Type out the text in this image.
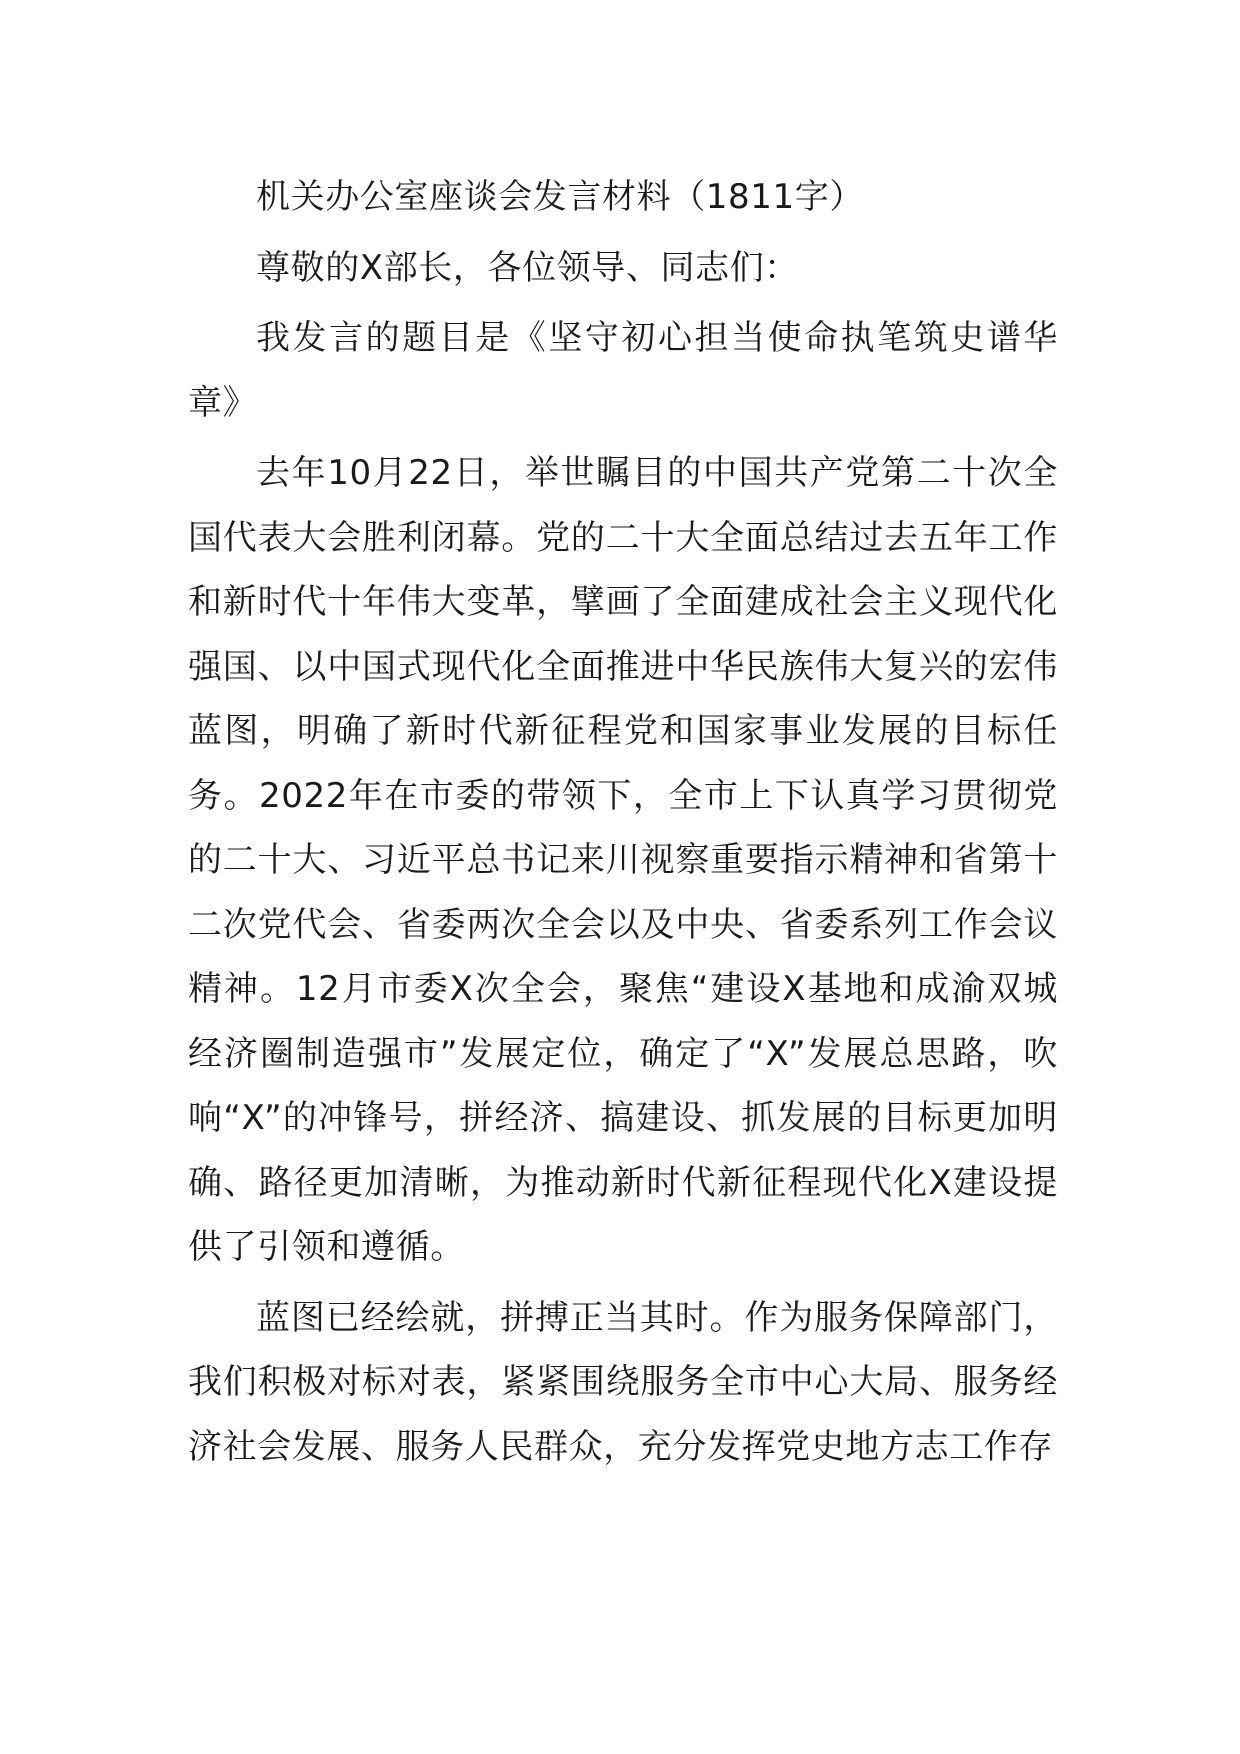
机关办公室座谈会发言材料（1811字）

尊敬的X部长，各位领导、同志们：

我发言的题目是《坚守初心担当使命执笔筑史谱华章》

去年10月22日，举世瞩目的中国共产党第二十次全国代表大会胜利闭幕。党的二十大全面总结过去五年工作和新时代十年伟大变革，擘画了全面建成社会主义现代化强国、以中国式现代化全面推进中华民族伟大复兴的宏伟蓝图，明确了新时代新征程党和国家事业发展的目标任务。2022年在市委的带领下，全市上下认真学习贯彻党的二十大、习近平总书记来川视察重要指示精神和省第十二次党代会、省委两次全会以及中央、省委系列工作会议精神。12月市委X次全会，聚焦“建设X基地和成渝双城经济圈制造强市”发展定位，确定了“X”发展总思路，吹响“X”的冲锋号，拼经济、搞建设、抓发展的目标更加明确、路径更加清晰，为推动新时代新征程现代化X建设提供了引领和遵循。

蓝图已经绘就，拼搏正当其时。作为服务保障部门，我们积极对标对表，紧紧围绕服务全市中心大局、服务经济社会发展、服务人民群众，充分发挥党史地方志工作存
